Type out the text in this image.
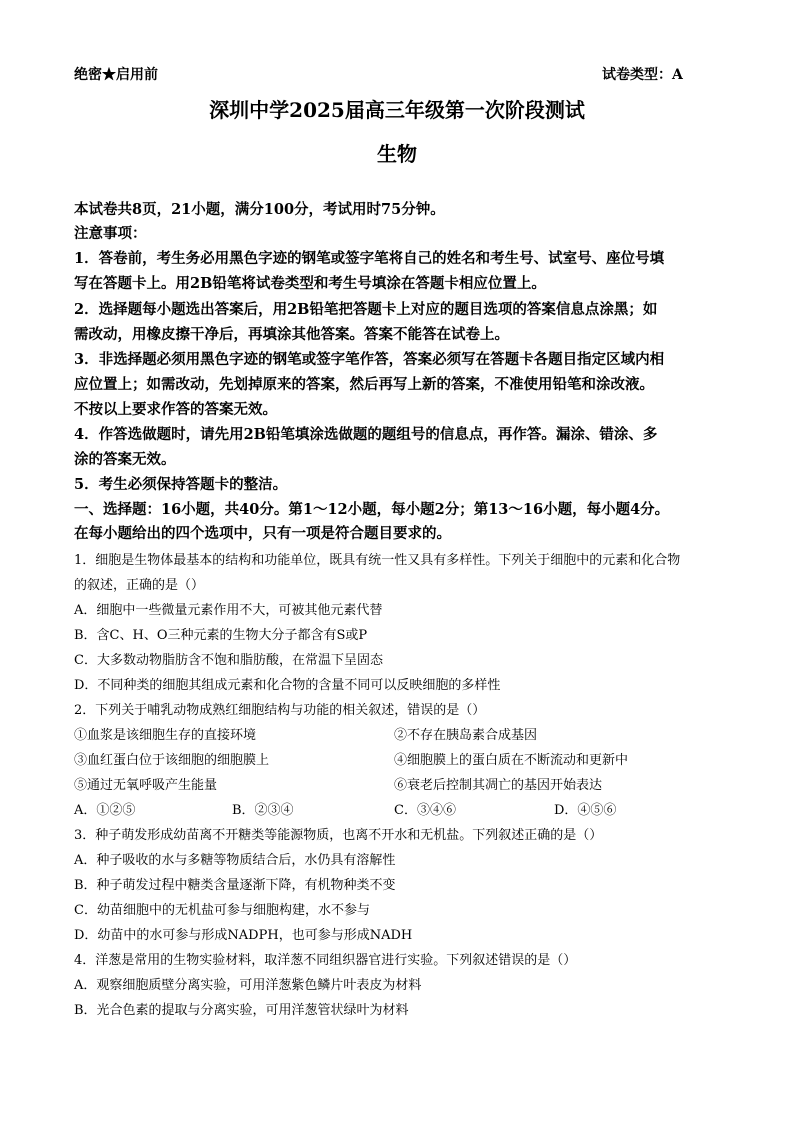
绝密★启用前	试卷类型：A
深圳中学2025届高三年级第一次阶段测试
生物
本试卷共8页，21小题，满分100分，考试用时75分钟。
注意事项：
1．答卷前，考生务必用黑色字迹的钢笔或签字笔将自己的姓名和考生号、试室号、座位号填
写在答题卡上。用2B铅笔将试卷类型和考生号填涂在答题卡相应位置上。
2．选择题每小题选出答案后，用2B铅笔把答题卡上对应的题目选项的答案信息点涂黑；如
需改动，用橡皮擦干净后，再填涂其他答案。答案不能答在试卷上。
3．非选择题必须用黑色字迹的钢笔或签字笔作答，答案必须写在答题卡各题目指定区域内相
应位置上；如需改动，先划掉原来的答案，然后再写上新的答案，不准使用铅笔和涂改液。
不按以上要求作答的答案无效。
4．作答选做题时，请先用2B铅笔填涂选做题的题组号的信息点，再作答。漏涂、错涂、多
涂的答案无效。
5．考生必须保持答题卡的整洁。
一、选择题：16小题，共40分。第1～12小题，每小题2分；第13～16小题，每小题4分。
在每小题给出的四个选项中，只有一项是符合题目要求的。
1．细胞是生物体最基本的结构和功能单位，既具有统一性又具有多样性。下列关于细胞中的元素和化合物
的叙述，正确的是（）
A．细胞中一些微量元素作用不大，可被其他元素代替
B．含C、H、O三种元素的生物大分子都含有S或P
C．大多数动物脂肪含不饱和脂肪酸，在常温下呈固态
D．不同种类的细胞其组成元素和化合物的含量不同可以反映细胞的多样性
2．下列关于哺乳动物成熟红细胞结构与功能的相关叙述，错误的是（）
①血浆是该细胞生存的直接环境	②不存在胰岛素合成基因
③血红蛋白位于该细胞的细胞膜上	④细胞膜上的蛋白质在不断流动和更新中
⑤通过无氧呼吸产生能量	⑥衰老后控制其凋亡的基因开始表达
A．①②⑤	B．②③④	C．③④⑥	D．④⑤⑥
3．种子萌发形成幼苗离不开糖类等能源物质，也离不开水和无机盐。下列叙述正确的是（）
A．种子吸收的水与多糖等物质结合后，水仍具有溶解性
B．种子萌发过程中糖类含量逐渐下降，有机物种类不变
C．幼苗细胞中的无机盐可参与细胞构建，水不参与
D．幼苗中的水可参与形成NADPH，也可参与形成NADH
4．洋葱是常用的生物实验材料，取洋葱不同组织器官进行实验。下列叙述错误的是（）
A．观察细胞质壁分离实验，可用洋葱紫色鳞片叶表皮为材料
B．光合色素的提取与分离实验，可用洋葱管状绿叶为材料
